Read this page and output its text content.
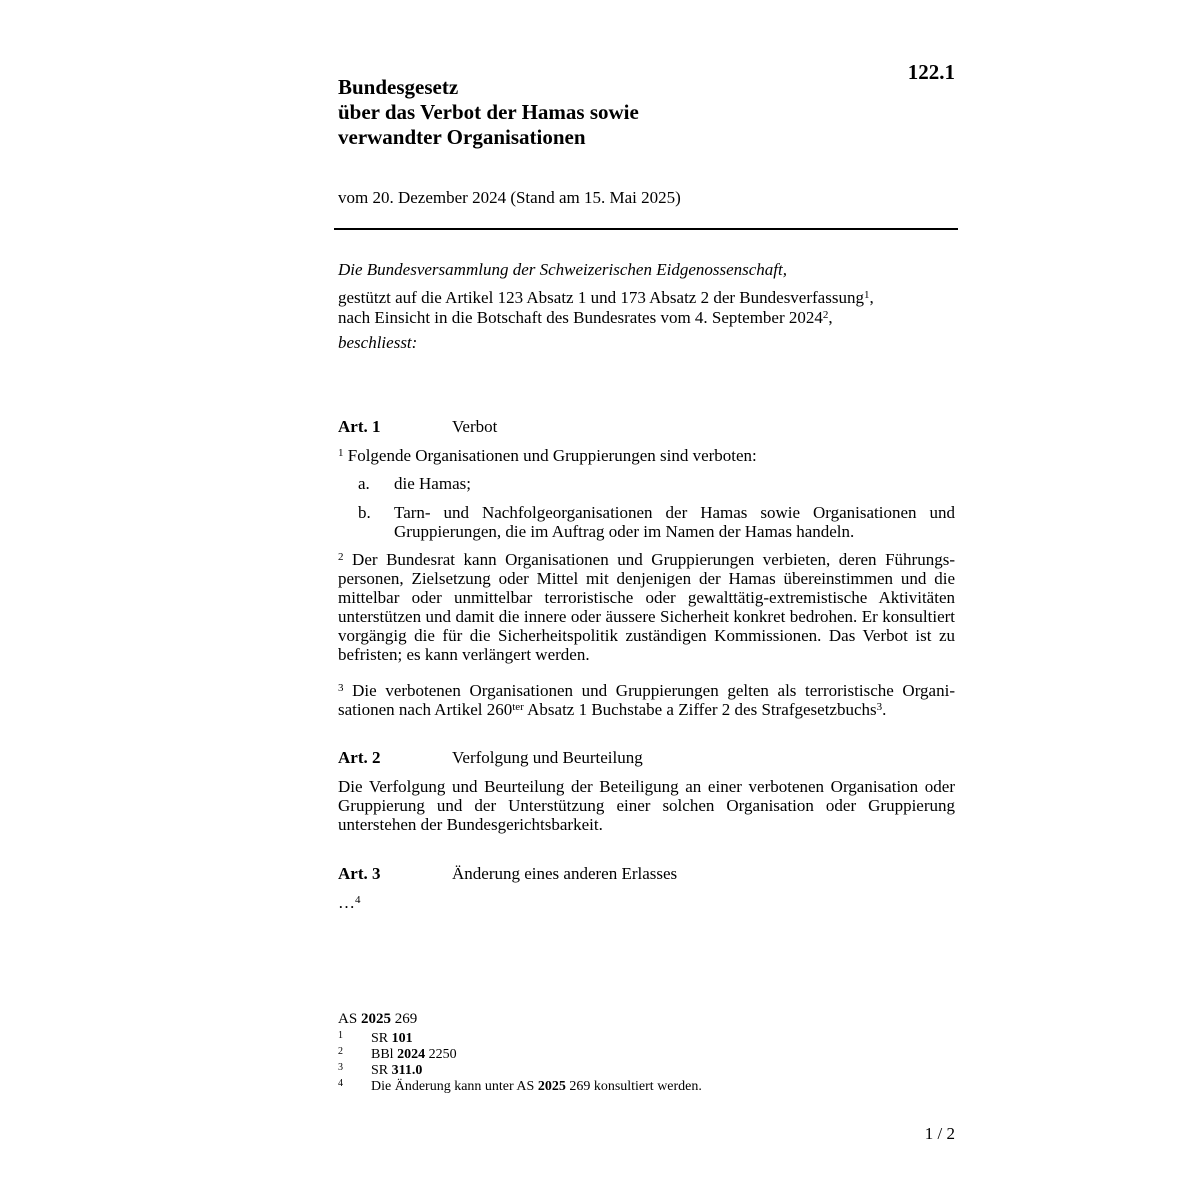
122.1
Bundesgesetz
über das Verbot der Hamas sowie
verwandter Organisationen
vom 20. Dezember 2024 (Stand am 15. Mai 2025)
Die Bundesversammlung der Schweizerischen Eidgenossenschaft,
gestützt auf die Artikel 123 Absatz 1 und 173 Absatz 2 der Bundesverfassung$^1$,
nach Einsicht in die Botschaft des Bundesrates vom 4. September 2024$^2$,
beschliesst:
Art. 1	Verbot
$^1$ Folgende Organisationen und Gruppierungen sind verboten:
a. die Hamas;
b. Tarn- und Nachfolgeorganisationen der Hamas sowie Organisationen und Gruppierungen, die im Auftrag oder im Namen der Hamas handeln.
$^2$ Der Bundesrat kann Organisationen und Gruppierungen verbieten, deren Führungspersonen, Zielsetzung oder Mittel mit denjenigen der Hamas übereinstimmen und die mittelbar oder unmittelbar terroristische oder gewalttätig-extremistische Aktivitäten unterstützen und damit die innere oder äussere Sicherheit konkret bedrohen. Er konsultiert vorgängig die für die Sicherheitspolitik zuständigen Kommissionen. Das Verbot ist zu befristen; es kann verlängert werden.
$^3$ Die verbotenen Organisationen und Gruppierungen gelten als terroristische Organisationen nach Artikel $260^{ter}$ Absatz 1 Buchstabe a Ziffer 2 des Strafgesetzbuchs$^3$.
Art. 2	Verfolgung und Beurteilung
Die Verfolgung und Beurteilung der Beteiligung an einer verbotenen Organisation oder Gruppierung und der Unterstützung einer solchen Organisation oder Gruppierung unterstehen der Bundesgerichtsbarkeit.
Art. 3	Änderung eines anderen Erlasses
…$^4$
AS 2025 269
1 SR 101
2 BBl 2024 2250
3 SR 311.0
4 Die Änderung kann unter AS 2025 269 konsultiert werden.
1 / 2
